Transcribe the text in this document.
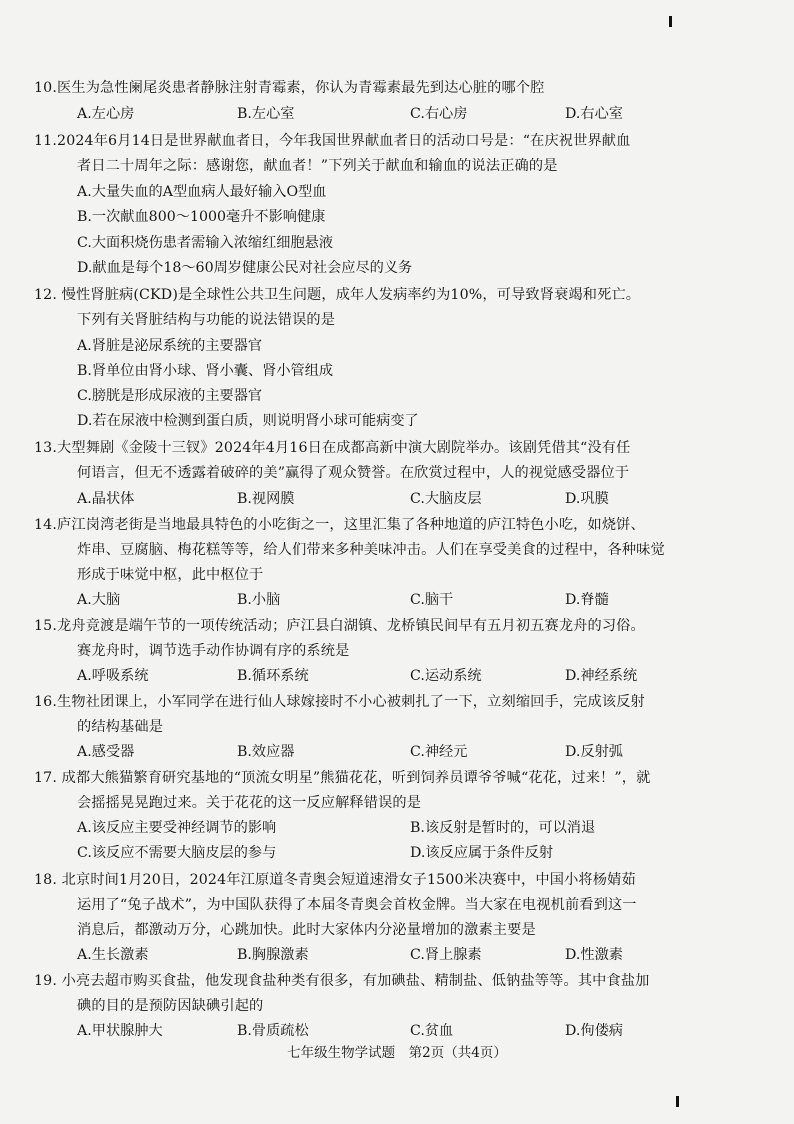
10.医生为急性阑尾炎患者静脉注射青霉素，你认为青霉素最先到达心脏的哪个腔
A.左心房	B.左心室	C.右心房	D.右心室
11.2024年6月14日是世界献血者日，今年我国世界献血者日的活动口号是：“在庆祝世界献血
者日二十周年之际：感谢您，献血者！”下列关于献血和输血的说法正确的是
A.大量失血的A型血病人最好输入O型血
B.一次献血800～1000毫升不影响健康
C.大面积烧伤患者需输入浓缩红细胞悬液
D.献血是每个18～60周岁健康公民对社会应尽的义务
12. 慢性肾脏病(CKD)是全球性公共卫生问题，成年人发病率约为10%，可导致肾衰竭和死亡。
下列有关肾脏结构与功能的说法错误的是
A.肾脏是泌尿系统的主要器官
B.肾单位由肾小球、肾小囊、肾小管组成
C.膀胱是形成尿液的主要器官
D.若在尿液中检测到蛋白质，则说明肾小球可能病变了
13.大型舞剧《金陵十三钗》2024年4月16日在成都高新中演大剧院举办。该剧凭借其“没有任
何语言，但无不透露着破碎的美”赢得了观众赞誉。在欣赏过程中，人的视觉感受器位于
A.晶状体	B.视网膜	C.大脑皮层	D.巩膜
14.庐江岗湾老街是当地最具特色的小吃街之一，这里汇集了各种地道的庐江特色小吃，如烧饼、
炸串、豆腐脑、梅花糕等等，给人们带来多种美味冲击。人们在享受美食的过程中，各种味觉
形成于味觉中枢，此中枢位于
A.大脑	B.小脑	C.脑干	D.脊髓
15.龙舟竞渡是端午节的一项传统活动；庐江县白湖镇、龙桥镇民间早有五月初五赛龙舟的习俗。
赛龙舟时，调节选手动作协调有序的系统是
A.呼吸系统	B.循环系统	C.运动系统	D.神经系统
16.生物社团课上，小军同学在进行仙人球嫁接时不小心被刺扎了一下，立刻缩回手，完成该反射
的结构基础是
A.感受器	B.效应器	C.神经元	D.反射弧
17. 成都大熊猫繁育研究基地的“顶流女明星”熊猫花花，听到饲养员谭爷爷喊“花花，过来！”，就
会摇摇晃晃跑过来。关于花花的这一反应解释错误的是
A.该反应主要受神经调节的影响	B.该反射是暂时的，可以消退
C.该反应不需要大脑皮层的参与	D.该反应属于条件反射
18. 北京时间1月20日，2024年江原道冬青奥会短道速滑女子1500米决赛中，中国小将杨婧茹
运用了“兔子战术”，为中国队获得了本届冬青奥会首枚金牌。当大家在电视机前看到这一
消息后，都激动万分，心跳加快。此时大家体内分泌量增加的激素主要是
A.生长激素	B.胸腺激素	C.肾上腺素	D.性激素
19. 小亮去超市购买食盐，他发现食盐种类有很多，有加碘盐、精制盐、低钠盐等等。其中食盐加
碘的目的是预防因缺碘引起的
A.甲状腺肿大	B.骨质疏松	C.贫血	D.佝偻病
七年级生物学试题　第2页（共4页）
